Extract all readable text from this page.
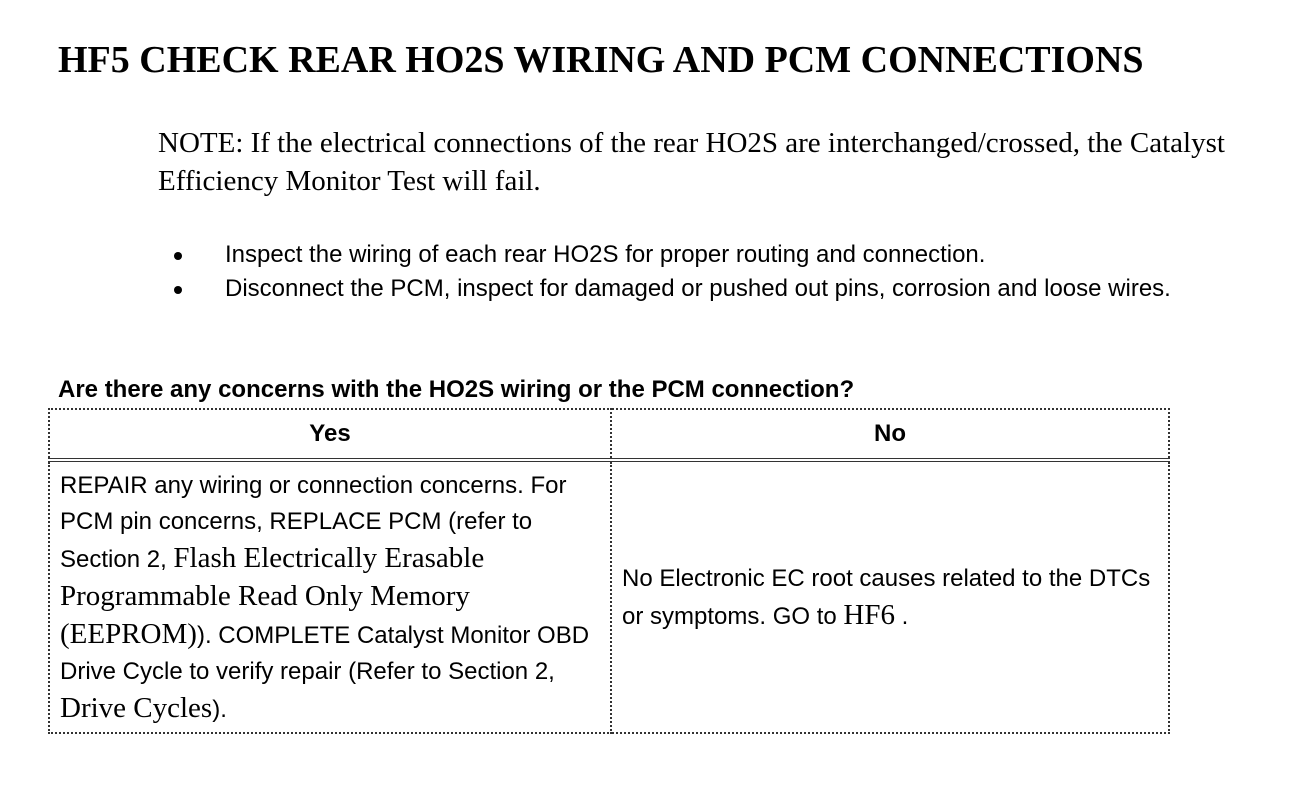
HF5 CHECK REAR HO2S WIRING AND PCM CONNECTIONS
NOTE: If the electrical connections of the rear HO2S are interchanged/crossed, the Catalyst Efficiency Monitor Test will fail.
Inspect the wiring of each rear HO2S for proper routing and connection.
Disconnect the PCM, inspect for damaged or pushed out pins, corrosion and loose wires.
Are there any concerns with the HO2S wiring or the PCM connection?
Yes	No
REPAIR any wiring or connection concerns. For PCM pin concerns, REPLACE PCM (refer to Section 2, Flash Electrically Erasable Programmable Read Only Memory (EEPROM)). COMPLETE Catalyst Monitor OBD Drive Cycle to verify repair (Refer to Section 2, Drive Cycles).	No Electronic EC root causes related to the DTCs or symptoms. GO to HF6 .
